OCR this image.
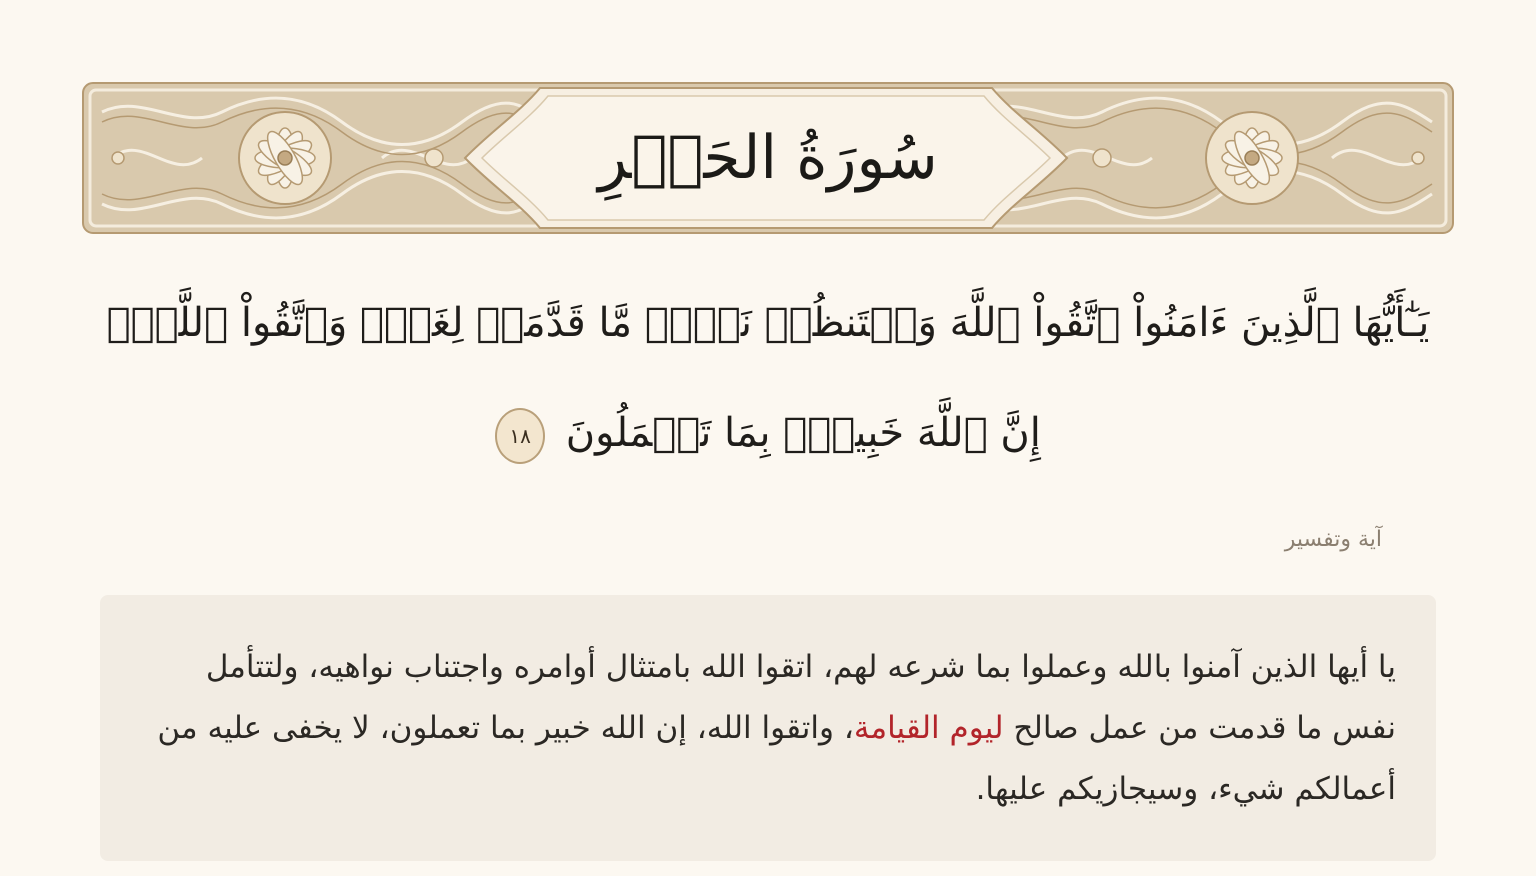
سُورَةُ الحَشۡرِ
يَـٰٓأَيُّهَا ٱلَّذِينَ ءَامَنُواْ ٱتَّقُواْ ٱللَّهَ وَلۡتَنظُرۡ نَفۡسٞ مَّا قَدَّمَتۡ لِغَدٖۖ وَٱتَّقُواْ ٱللَّهَۚ إِنَّ ٱللَّهَ خَبِيرُۢ بِمَا تَعۡمَلُونَ ١٨
آية وتفسير
يا أيها الذين آمنوا بالله وعملوا بما شرعه لهم، اتقوا الله بامتثال أوامره واجتناب نواهيه، ولتتأمل نفس ما قدمت من عمل صالح ليوم القيامة، واتقوا الله، إن الله خبير بما تعملون، لا يخفى عليه من أعمالكم شيء، وسيجازيكم عليها.
